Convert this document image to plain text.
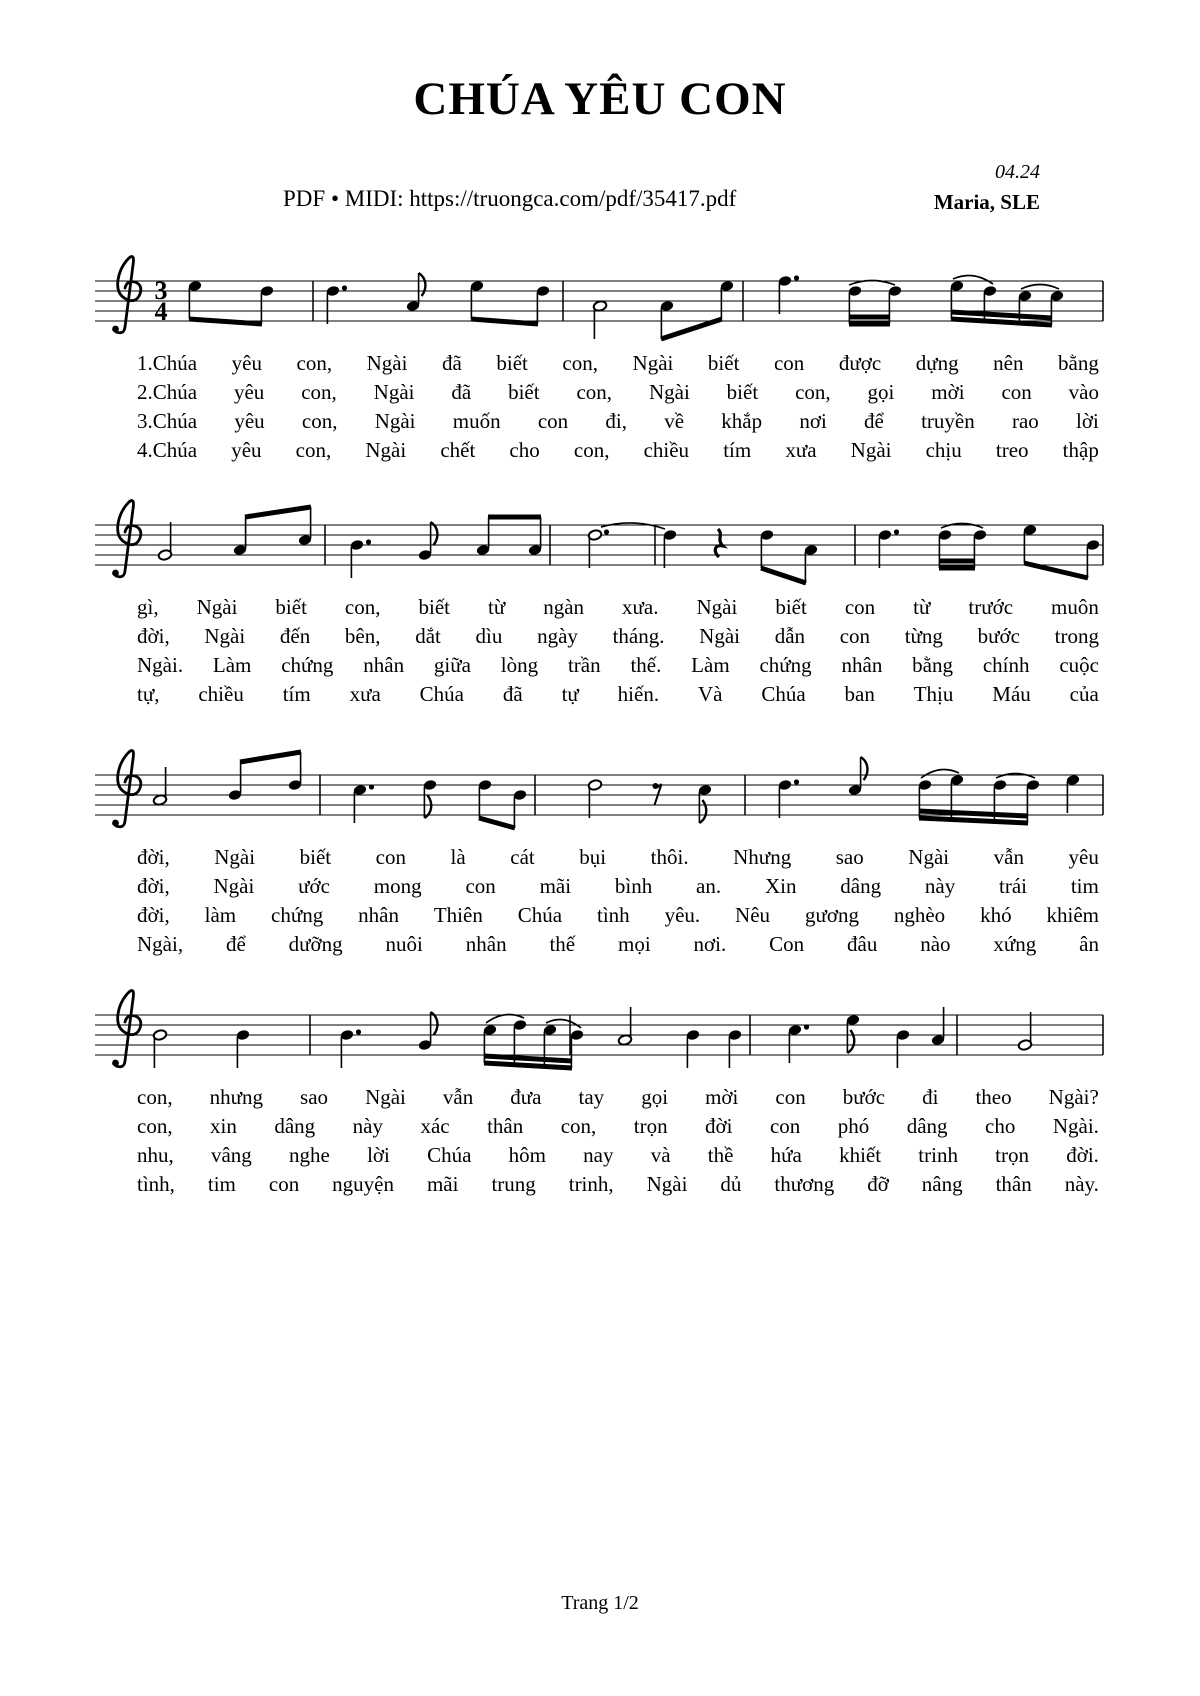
CHÚA YÊU CON
PDF • MIDI: https://truongca.com/pdf/35417.pdf
04.24
Maria, SLE
3
4
1.Chúa yêu con, Ngài đã biết con, Ngài biết con được dựng nên bằng
2.Chúa yêu con, Ngài đã biết con, Ngài biết con, gọi mời con vào
3.Chúa yêu con, Ngài muốn con đi, về khắp nơi để truyền rao lời
4.Chúa yêu con, Ngài chết cho con, chiều tím xưa Ngài chịu treo thập
gì, Ngài biết con, biết từ ngàn xưa. Ngài biết con từ trước muôn
đời, Ngài đến bên, dắt dìu ngày tháng. Ngài dẫn con từng bước trong
Ngài. Làm chứng nhân giữa lòng trần thế. Làm chứng nhân bằng chính cuộc
tự, chiều tím xưa Chúa đã tự hiến. Và Chúa ban Thịu Máu của
đời, Ngài biết con là cát bụi thôi. Nhưng sao Ngài vẫn yêu
đời, Ngài ước mong con mãi bình an. Xin dâng này trái tim
đời, làm chứng nhân Thiên Chúa tình yêu. Nêu gương nghèo khó khiêm
Ngài, để dưỡng nuôi nhân thế mọi nơi. Con đâu nào xứng ân
con, nhưng sao Ngài vẫn đưa tay gọi mời con bước đi theo Ngài?
con, xin dâng này xác thân con, trọn đời con phó dâng cho Ngài.
nhu, vâng nghe lời Chúa hôm nay và thề hứa khiết trinh trọn đời.
tình, tim con nguyện mãi trung trinh, Ngài dủ thương đỡ nâng thân này.
Trang 1/2
